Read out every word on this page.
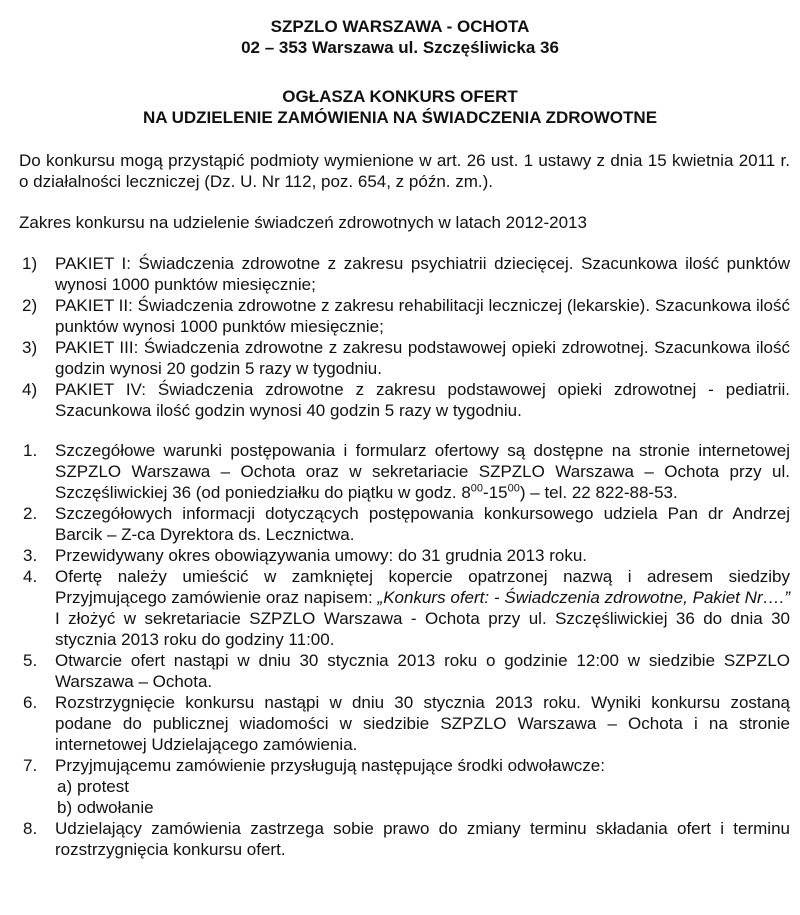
SZPZLO WARSZAWA - OCHOTA
02 – 353 Warszawa ul. Szczęśliwicka 36
OGŁASZA KONKURS OFERT
NA UDZIELENIE ZAMÓWIENIA NA ŚWIADCZENIA ZDROWOTNE

Do konkursu mogą przystąpić podmioty wymienione w art. 26 ust. 1 ustawy z dnia 15 kwietnia 2011 r. o działalności leczniczej (Dz. U. Nr 112, poz. 654, z późn. zm.).

Zakres konkursu na udzielenie świadczeń zdrowotnych w latach 2012-2013

1) PAKIET I: Świadczenia zdrowotne z zakresu psychiatrii dziecięcej. Szacunkowa ilość punktów wynosi 1000 punktów miesięcznie;
2) PAKIET II: Świadczenia zdrowotne z zakresu rehabilitacji leczniczej (lekarskie). Szacunkowa ilość punktów wynosi 1000 punktów miesięcznie;
3) PAKIET III: Świadczenia zdrowotne z zakresu podstawowej opieki zdrowotnej. Szacunkowa ilość godzin wynosi 20 godzin 5 razy w tygodniu.
4) PAKIET IV: Świadczenia zdrowotne z zakresu podstawowej opieki zdrowotnej - pediatrii. Szacunkowa ilość godzin wynosi 40 godzin 5 razy w tygodniu.
1. Szczegółowe warunki postępowania i formularz ofertowy są dostępne na stronie internetowej SZPZLO Warszawa – Ochota oraz w sekretariacie SZPZLO Warszawa – Ochota przy ul. Szczęśliwickiej 36 (od poniedziałku do piątku w godz. $8^{00}-15^{00}$) – tel. 22 822-88-53.
2. Szczegółowych informacji dotyczących postępowania konkursowego udziela Pan dr Andrzej Barcik – Z-ca Dyrektora ds. Lecznictwa.
3. Przewidywany okres obowiązywania umowy: do 31 grudnia 2013 roku.
4. Ofertę należy umieścić w zamkniętej kopercie opatrzonej nazwą i adresem siedziby Przyjmującego zamówienie oraz napisem: „Konkurs ofert: - Świadczenia zdrowotne, Pakiet Nr….” I złożyć w sekretariacie SZPZLO Warszawa - Ochota przy ul. Szczęśliwickiej 36 do dnia 30 stycznia 2013 roku do godziny 11:00.
5. Otwarcie ofert nastąpi w dniu 30 stycznia 2013 roku o godzinie 12:00 w siedzibie SZPZLO Warszawa – Ochota.
6. Rozstrzygnięcie konkursu nastąpi w dniu 30 stycznia 2013 roku. Wyniki konkursu zostaną podane do publicznej wiadomości w siedzibie SZPZLO Warszawa – Ochota i na stronie internetowej Udzielającego zamówienia.
7. Przyjmującemu zamówienie przysługują następujące środki odwoławcze:
a) protest
b) odwołanie
8. Udzielający zamówienia zastrzega sobie prawo do zmiany terminu składania ofert i terminu rozstrzygnięcia konkursu ofert.
